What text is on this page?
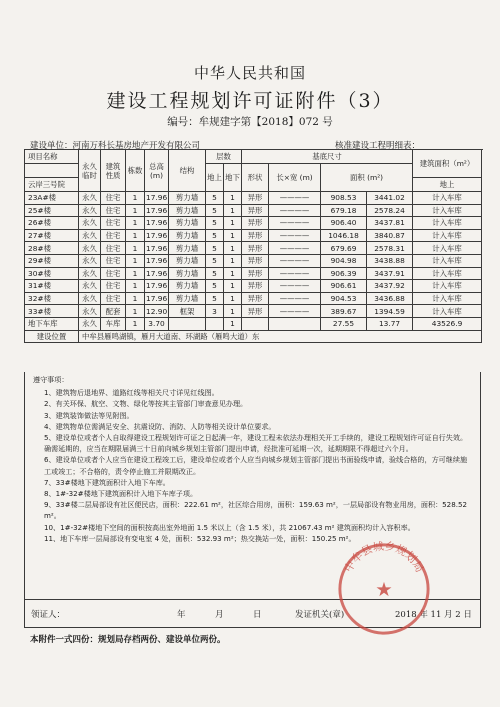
中华人民共和国
建设工程规划许可证附件（3）
编号：牟规建字第【2018】072 号
建设单位：河南万科长基房地产开发有限公司	核准建设工程明细表：
项目名称	永久临时	建筑性质	栋数	总高 (m)	结构	层数		基底尺寸				建筑面积（m²）	
						地上	地下	形状	长×宽 (m)	面积 (m²)			
云岸三号院												地上	
23A#楼	永久	住宅	1	17.96	剪力墙	5	1	异形	————	908.53	3441.02	计入车库	
25#楼	永久	住宅	1	17.96	剪力墙	5	1	异形	————	679.18	2578.24	计入车库	
26#楼	永久	住宅	1	17.96	剪力墙	5	1	异形	————	906.40	3437.81	计入车库	
27#楼	永久	住宅	1	17.96	剪力墙	5	1	异形	————	1046.18	3840.87	计入车库	
28#楼	永久	住宅	1	17.96	剪力墙	5	1	异形	————	679.69	2578.31	计入车库	
29#楼	永久	住宅	1	17.96	剪力墙	5	1	异形	————	904.98	3438.88	计入车库	
30#楼	永久	住宅	1	17.96	剪力墙	5	1	异形	————	906.39	3437.91	计入车库	
31#楼	永久	住宅	1	17.96	剪力墙	5	1	异形	————	906.61	3437.92	计入车库	
32#楼	永久	住宅	1	17.96	剪力墙	5	1	异形	————	904.53	3436.88	计入车库	
33#楼	永久	配套	1	12.90	框架	3	1	异形	————	389.67	1394.59	计入车库	
地下车库	永久	车库	1	3.70			1			27.55	13.77	43526.9	
建设位置	中牟县雁鸣湖镇，雁月大道南、环湖路（雁鸣大道）东												
遵守事项：

1、建筑物后退地界、道路红线等相关尺寸详见红线图。

2、有关环保、航空、文物、绿化等按其主管部门审查意见办理。

3、建筑装饰做法等见附图。

4、建筑物单位需满足安全、抗震设防、消防、人防等相关设计单位要求。

5、建设单位或者个人自取得建设工程规划许可证之日起满一年，建设工程未依法办理相关开工手续的，建设工程规划许可证自行失效。确需延期的，应当在期限届满三十日前向城乡规划主管部门提出申请，经批准可延期一次，延期期限不得超过六个月。

6、建设单位或者个人应当在建设工程竣工后，建设单位或者个人应当向城乡规划主管部门提出书面验线申请，验线合格的，方可继续施工或竣工；不合格的，责令停止施工并限期改正。

7、33#楼地下建筑面积计入地下车库。

8、1#-32#楼地下建筑面积计入地下车库子项。

9、33#楼二层局部设有社区便民店，面积：222.61 m²，社区综合用房，面积：159.63 m²，一层局部设有物业用房，面积：528.52 m²。

10、1#-32#楼地下空间的面积按高出室外地面 1.5 米以上（含 1.5 米），共 21067.43 m² 建筑面积均计入容积率。

11、地下车库一层局部设有变电室 4 处，面积：532.93 m²；热交换站一处，面积：150.25 m²。

领证人：	年	月	日	发证机关(章)	2018 年 11 月 2 日
本附件一式四份：规划局存档两份、建设单位两份。
中牟县城乡规划局
★
